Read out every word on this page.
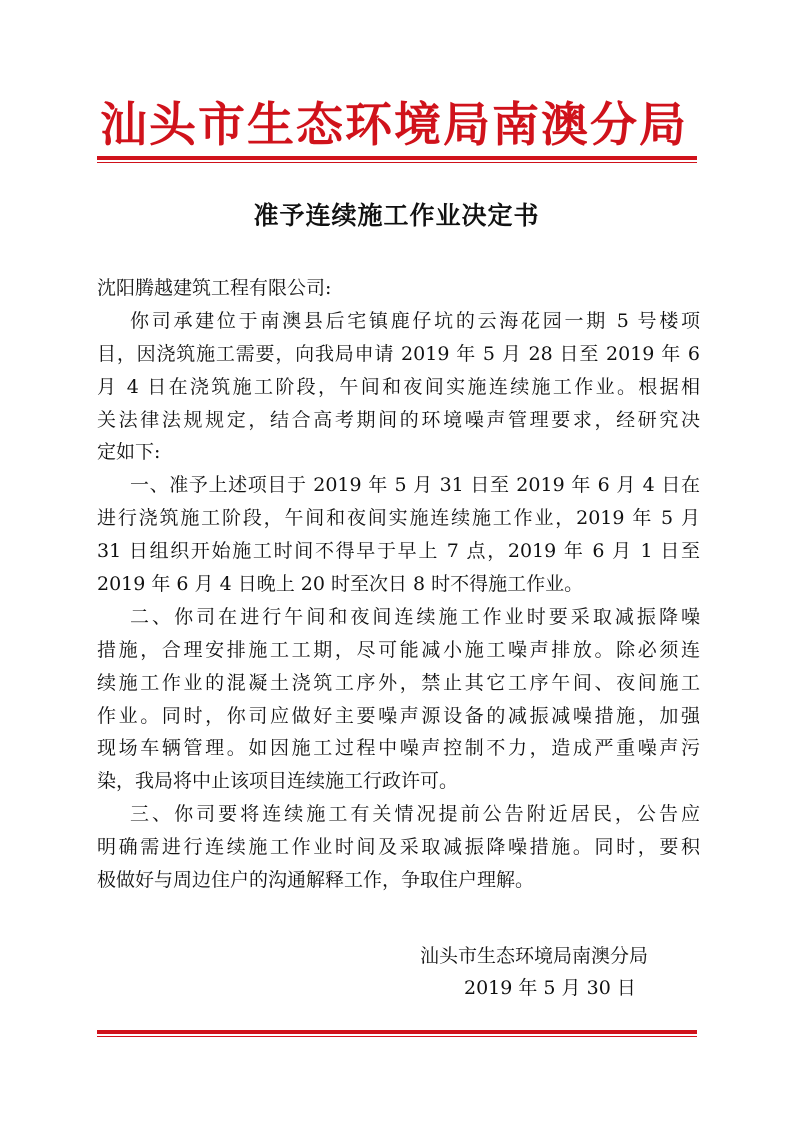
汕头市生态环境局南澳分局
准予连续施工作业决定书
沈阳腾越建筑工程有限公司:
你司承建位于南澳县后宅镇鹿仔坑的云海花园一期 5 号楼项
目，因浇筑施工需要，向我局申请 2019 年 5 月 28 日至 2019 年 6
月 4 日在浇筑施工阶段，午间和夜间实施连续施工作业。根据相
关法律法规规定，结合高考期间的环境噪声管理要求，经研究决
定如下:
一、准予上述项目于 2019 年 5 月 31 日至 2019 年 6 月 4 日在
进行浇筑施工阶段，午间和夜间实施连续施工作业，2019 年 5 月
31 日组织开始施工时间不得早于早上 7 点，2019 年 6 月 1 日至
2019 年 6 月 4 日晚上 20 时至次日 8 时不得施工作业。
二、你司在进行午间和夜间连续施工作业时要采取减振降噪
措施，合理安排施工工期，尽可能减小施工噪声排放。除必须连
续施工作业的混凝土浇筑工序外，禁止其它工序午间、夜间施工
作业。同时，你司应做好主要噪声源设备的减振减噪措施，加强
现场车辆管理。如因施工过程中噪声控制不力，造成严重噪声污
染，我局将中止该项目连续施工行政许可。
三、你司要将连续施工有关情况提前公告附近居民，公告应
明确需进行连续施工作业时间及采取减振降噪措施。同时，要积
极做好与周边住户的沟通解释工作，争取住户理解。
汕头市生态环境局南澳分局
2019 年 5 月 30 日
